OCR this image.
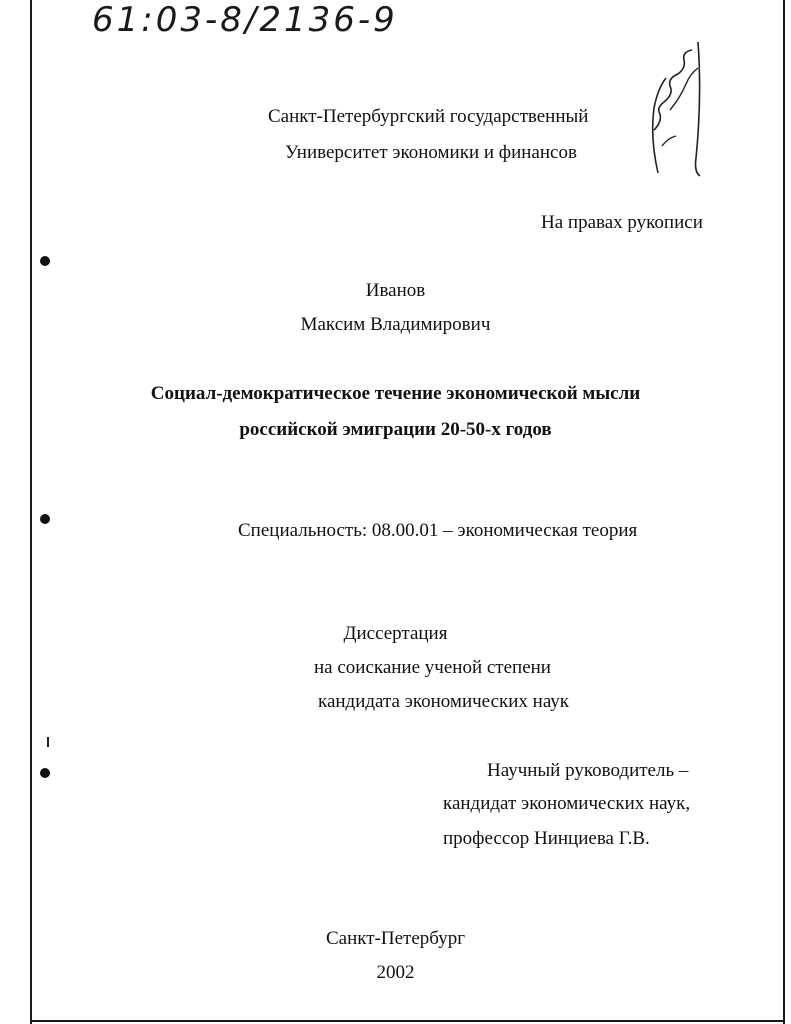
61:03-8/2136-9
Санкт-Петербургский государственный
Университет экономики и финансов
На правах рукописи
Иванов
Максим Владимирович
Социал-демократическое течение экономической мысли
российской эмиграции 20-50-х годов
Специальность: 08.00.01 – экономическая теория
Диссертация
на соискание ученой степени
кандидата экономических наук
Научный руководитель –
кандидат экономических наук,
профессор Нинциева Г.В.
Санкт-Петербург
2002
